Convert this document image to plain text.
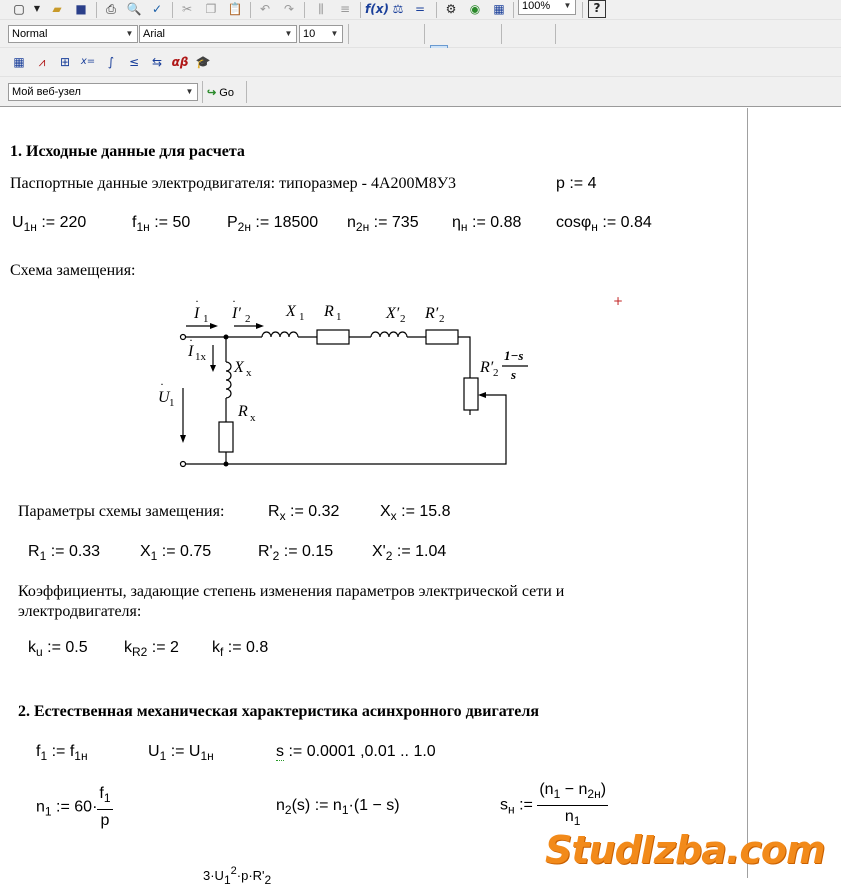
▢ ▼	▰	■	⎙ 🔍 ✓	✂	❐ 📋	↶	↷	⫼	≡	f(x) ⚖ =	⚙	◉	▦	100%	▼	?
Normal	▼ Arial	▼ 10	▼
▦	⩘	⊞	x=	∫	≤	⇆ αβ 🎓
Мой веб-узел	▼ ↪ Go
1. Исходные данные для расчета
Паспортные данные электродвигателя: типоразмер - 4А200М8У3	p := 4
$U_{1н}$ := 220	$f_{1н}$ := 50 $P_{2н}$ := 18500 $n_{2н}$ := 735 $\eta_н$ := 0.88 cosφ$_н$ := 0.84
Схема замещения:
I 1
·
I′ 2
·
X 1 R 1	X′ 2 R′ 2
I 1x
·
X x
R x
U 1
·
R′ 2
1−s
s
+
Параметры схемы замещения:	$R_x$ := 0.32	$X_x$ := 15.8
$R_1$ := 0.33 $X_1$ := 0.75	$R'_2$ := 0.15 $X'_2$ := 1.04
Коэффициенты, задающие степень изменения параметров электрической сети и электродвигателя:
$k_u$ := 0.5 $k_{R2}$ := 2 $k_f$ := 0.8
2. Естественная механическая характеристика асинхронного двигателя
$f_1$ := $f_{1н}$	$U_1$ := $U_{1н}$	s := 0.0001 ,0.01 .. 1.0
$n_1$ := $60\cdot \frac{f_1}{p}$	$n_2(s)$ := $n_1\cdot(1 - s)$	$s_н$ := $\frac{(n_1 - n_{2н})}{n_1}$
$3\cdot U_1^2\cdot p\cdot R'_2$
StudIzba.com
